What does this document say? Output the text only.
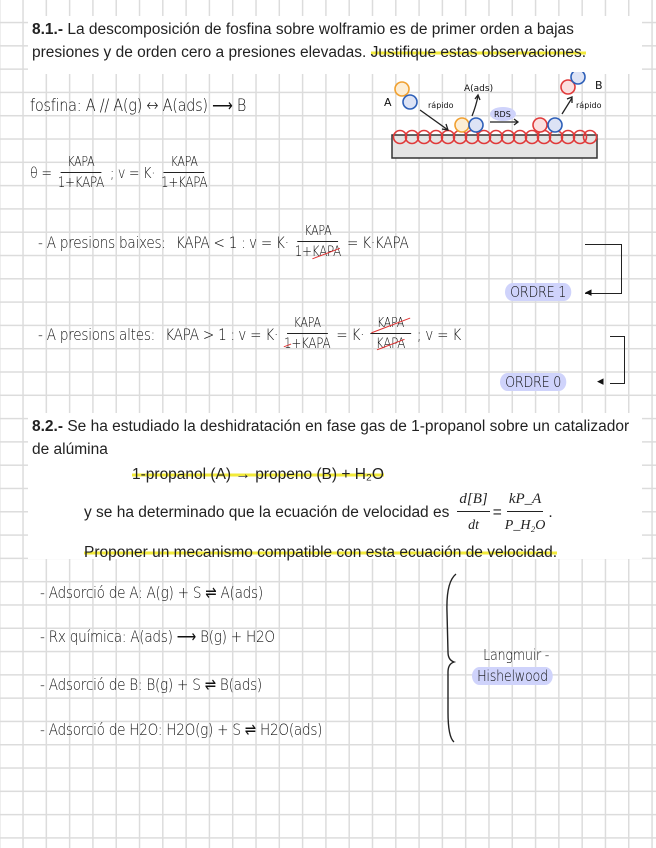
8.1.- La descomposición de fosfina sobre wolframio es de primer orden a bajas presiones y de orden cero a presiones elevadas. Justifique estas observaciones.
fosfina: A // A(g) ↔ A(ads) ⟶ B	A
A(ads)
rápido
RDS
B
rápido
$\theta = \frac{\text{KAPA}}{\text{1+KAPA}}$ ; $v = K\cdot \frac{\text{KAPA}}{\text{1+KAPA}}$
- A presions baixes: KAPA < 1 : $v = K\cdot \frac{\text{KAPA}}{\text{1+KAPA}}$ = K·KAPA
◂
ORDRE 1
- A presions altes: KAPA > 1 : $v = K\cdot \frac{\text{KAPA}}{\text{1+KAPA}} = K\cdot \frac{\text{KAPA}}{\text{KAPA}}$ ; v = K
◂
ORDRE 0
8.2.- Se ha estudiado la deshidratación en fase gas de 1-propanol sobre un catalizador de alúmina
1-propanol (A) → propeno (B) + H₂O
y se ha determinado que la ecuación de velocidad es $\frac{d[B]}{dt} = \frac{kP\_A}{\text{P\_H₂O}}$ .
Proponer un mecanismo compatible con esta ecuación de velocidad.
- Adsorció de A: A(g) + S ⇌ A(ads)
- Rx química: A(ads) ⟶ B(g) + H2O
- Adsorció de B: B(g) + S ⇌ B(ads)
- Adsorció de H2O: H2O(g) + S ⇌ H2O(ads)
Langmuir -
Hishelwood
